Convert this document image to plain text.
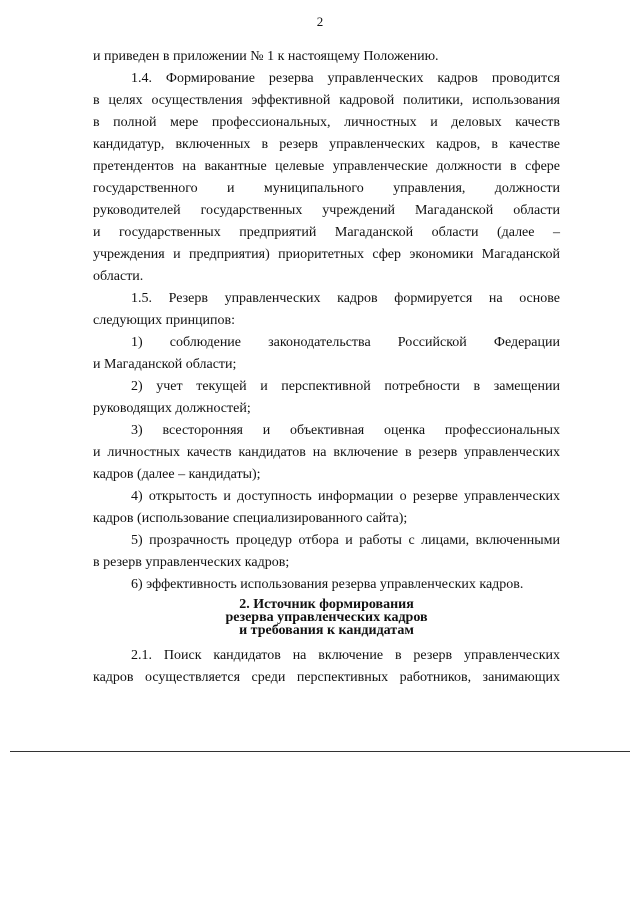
2
и приведен в приложении № 1 к настоящему Положению.
1.4. Формирование резерва управленческих кадров проводится
в целях осуществления эффективной кадровой политики, использования
в полной мере профессиональных, личностных и деловых качеств
кандидатур, включенных в резерв управленческих кадров, в качестве
претендентов на вакантные целевые управленческие должности в сфере
государственного и муниципального управления, должности
руководителей государственных учреждений Магаданской области
и государственных предприятий Магаданской области (далее –
учреждения и предприятия) приоритетных сфер экономики Магаданской
области.
1.5. Резерв управленческих кадров формируется на основе
следующих принципов:
1) соблюдение законодательства Российской Федерации
и Магаданской области;
2) учет текущей и перспективной потребности в замещении
руководящих должностей;
3) всесторонняя и объективная оценка профессиональных
и личностных качеств кандидатов на включение в резерв управленческих
кадров (далее – кандидаты);
4) открытость и доступность информации о резерве управленческих
кадров (использование специализированного сайта);
5) прозрачность процедур отбора и работы с лицами, включенными
в резерв управленческих кадров;
6) эффективность использования резерва управленческих кадров.
2. Источник формирования
резерва управленческих кадров
и требования к кандидатам
2.1. Поиск кандидатов на включение в резерв управленческих
кадров осуществляется среди перспективных работников, занимающих
